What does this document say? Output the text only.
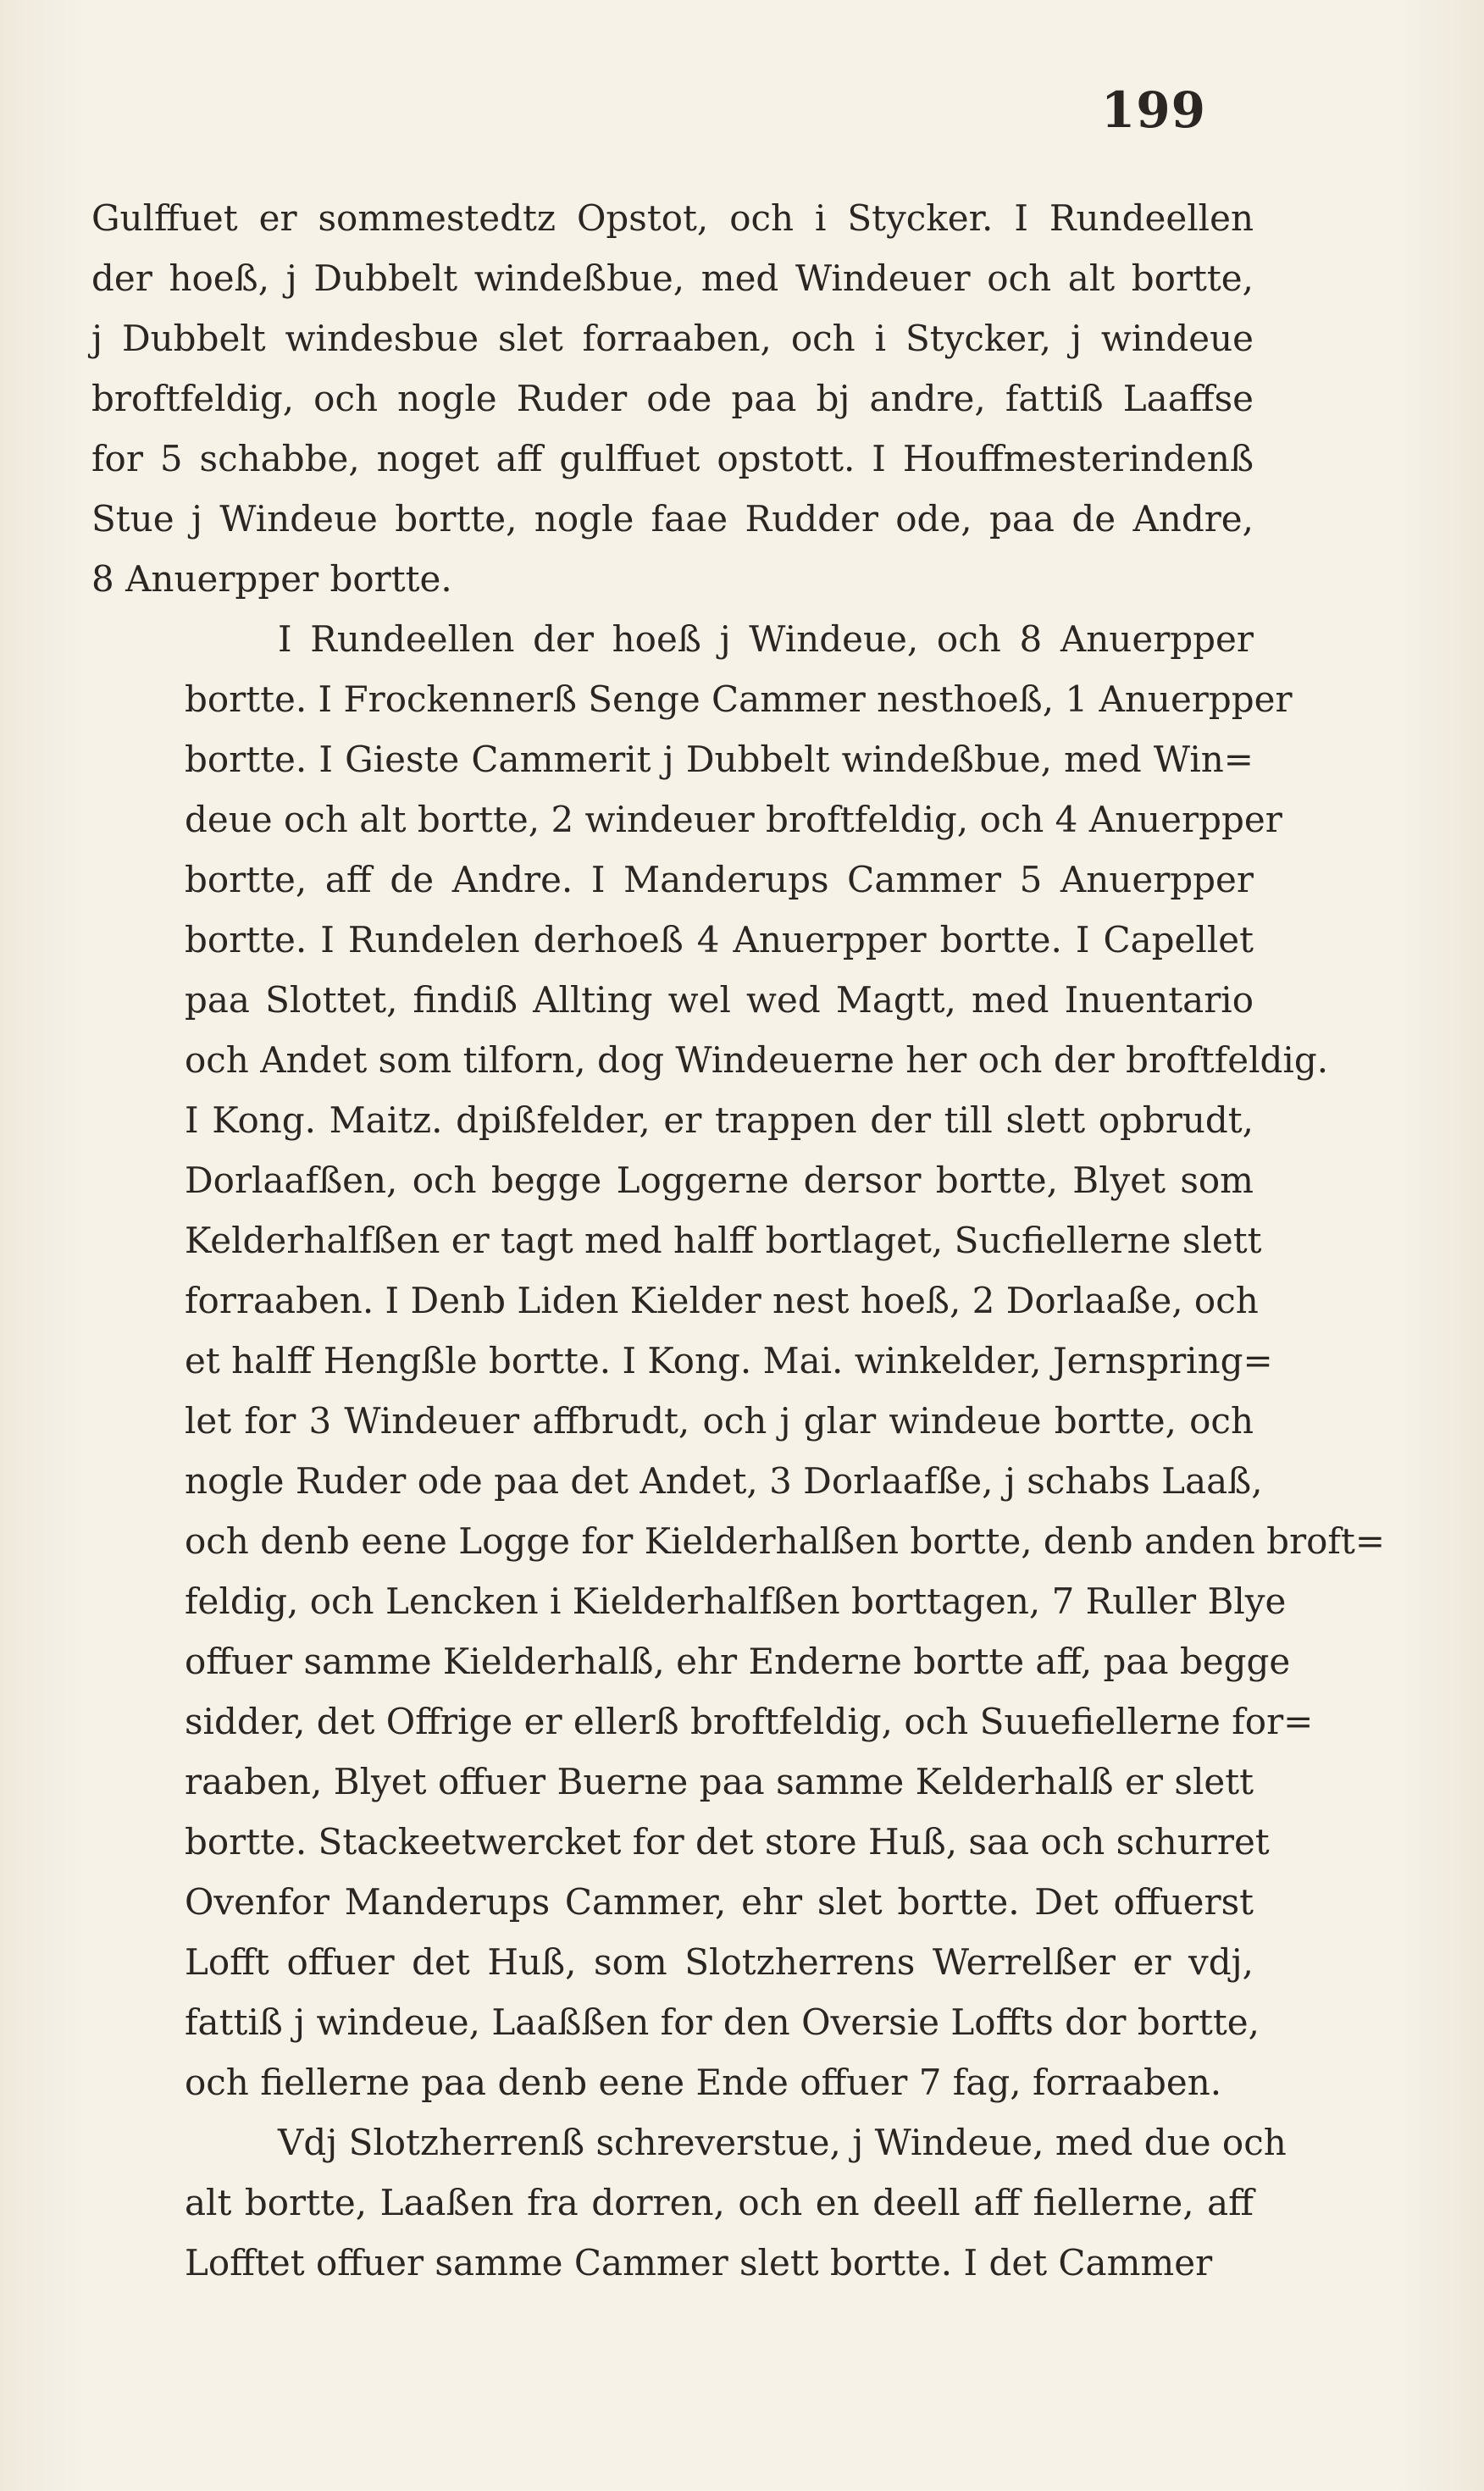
199

Gulffuet er sommestedtz Opstot, och i Stycker. I Rundeellen
der hoeß, j Dubbelt windeßbue, med Windeuer och alt bortte,
j Dubbelt windesbue slet forraaben, och i Stycker, j windeue
broftfeldig, och nogle Ruder ode paa bj andre, fattiß Laaffse
for 5 schabbe, noget aff gulffuet opstott. I Houffmesterindenß
Stue j Windeue bortte, nogle faae Rudder ode, paa de Andre,
8 Anuerpper bortte.

I Rundeellen der hoeß j Windeue, och 8 Anuerpper
bortte. I Frockennerß Senge Cammer nesthoeß, 1 Anuerpper
bortte. I Gieste Cammerit j Dubbelt windeßbue, med Win=
deue och alt bortte, 2 windeuer broftfeldig, och 4 Anuerpper
bortte, aff de Andre. I Manderups Cammer 5 Anuerpper
bortte. I Rundelen derhoeß 4 Anuerpper bortte. I Capellet
paa Slottet, findiß Allting wel wed Magtt, med Inuentario
och Andet som tilforn, dog Windeuerne her och der broftfeldig.
I Kong. Maitz. dpißfelder, er trappen der till slett opbrudt,
Dorlaafßen, och begge Loggerne dersor bortte, Blyet som
Kelderhalfßen er tagt med halff bortlaget, Sucfiellerne slett
forraaben. I Denb Liden Kielder nest hoeß, 2 Dorlaaße, och
et halff Hengßle bortte. I Kong. Mai. winkelder, Jernspring=
let for 3 Windeuer affbrudt, och j glar windeue bortte, och
nogle Ruder ode paa det Andet, 3 Dorlaafße, j schabs Laaß,
och denb eene Logge for Kielderhalßen bortte, denb anden broft=
feldig, och Lencken i Kielderhalfßen borttagen, 7 Ruller Blye
offuer samme Kielderhalß, ehr Enderne bortte aff, paa begge
sidder, det Offrige er ellerß broftfeldig, och Suuefiellerne for=
raaben, Blyet offuer Buerne paa samme Kelderhalß er slett
bortte. Stackeetwercket for det store Huß, saa och schurret
Ovenfor Manderups Cammer, ehr slet bortte. Det offuerst
Lofft offuer det Huß, som Slotzherrens Werrelßer er vdj,
fattiß j windeue, Laaßßen for den Oversie Loffts dor bortte,
och fiellerne paa denb eene Ende offuer 7 fag, forraaben.

Vdj Slotzherrenß schreverstue, j Windeue, med due och
alt bortte, Laaßen fra dorren, och en deell aff fiellerne, aff
Lofftet offuer samme Cammer slett bortte. I det Cammer
